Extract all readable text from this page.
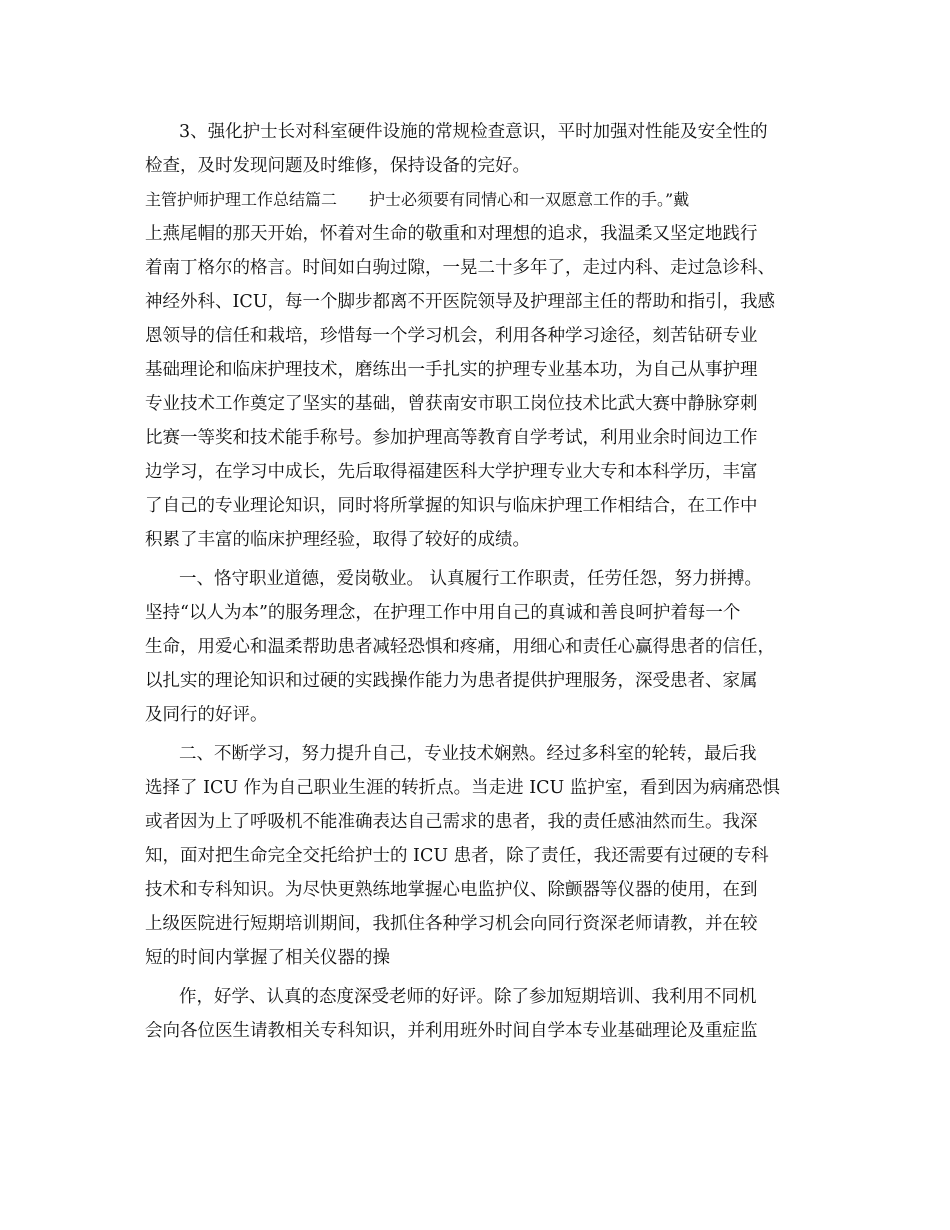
3、强化护士长对科室硬件设施的常规检查意识，平时加强对性能及安全性的
检查，及时发现问题及时维修，保持设备的完好。
主管护师护理工作总结篇二　　护士必须要有同情心和一双愿意工作的手。”戴
上燕尾帽的那天开始，怀着对生命的敬重和对理想的追求，我温柔又坚定地践行
着南丁格尔的格言。时间如白驹过隙，一晃二十多年了，走过内科、走过急诊科、
神经外科、ICU，每一个脚步都离不开医院领导及护理部主任的帮助和指引，我感
恩领导的信任和栽培，珍惜每一个学习机会，利用各种学习途径，刻苦钻研专业
基础理论和临床护理技术，磨练出一手扎实的护理专业基本功，为自己从事护理
专业技术工作奠定了坚实的基础，曾获南安市职工岗位技术比武大赛中静脉穿刺
比赛一等奖和技术能手称号。参加护理高等教育自学考试，利用业余时间边工作
边学习，在学习中成长，先后取得福建医科大学护理专业大专和本科学历，丰富
了自己的专业理论知识，同时将所掌握的知识与临床护理工作相结合，在工作中
积累了丰富的临床护理经验，取得了较好的成绩。
一、恪守职业道德，爱岗敬业。 认真履行工作职责，任劳任怨，努力拼搏。
坚持“以人为本”的服务理念，在护理工作中用自己的真诚和善良呵护着每一个
生命，用爱心和温柔帮助患者减轻恐惧和疼痛，用细心和责任心赢得患者的信任，
以扎实的理论知识和过硬的实践操作能力为患者提供护理服务，深受患者、家属
及同行的好评。
二、不断学习，努力提升自己，专业技术娴熟。经过多科室的轮转，最后我
选择了 ICU 作为自己职业生涯的转折点。当走进 ICU 监护室，看到因为病痛恐惧
或者因为上了呼吸机不能准确表达自己需求的患者，我的责任感油然而生。我深
知，面对把生命完全交托给护士的 ICU 患者，除了责任，我还需要有过硬的专科
技术和专科知识。为尽快更熟练地掌握心电监护仪、除颤器等仪器的使用，在到
上级医院进行短期培训期间，我抓住各种学习机会向同行资深老师请教，并在较
短的时间内掌握了相关仪器的操
作，好学、认真的态度深受老师的好评。除了参加短期培训、我利用不同机
会向各位医生请教相关专科知识，并利用班外时间自学本专业基础理论及重症监
